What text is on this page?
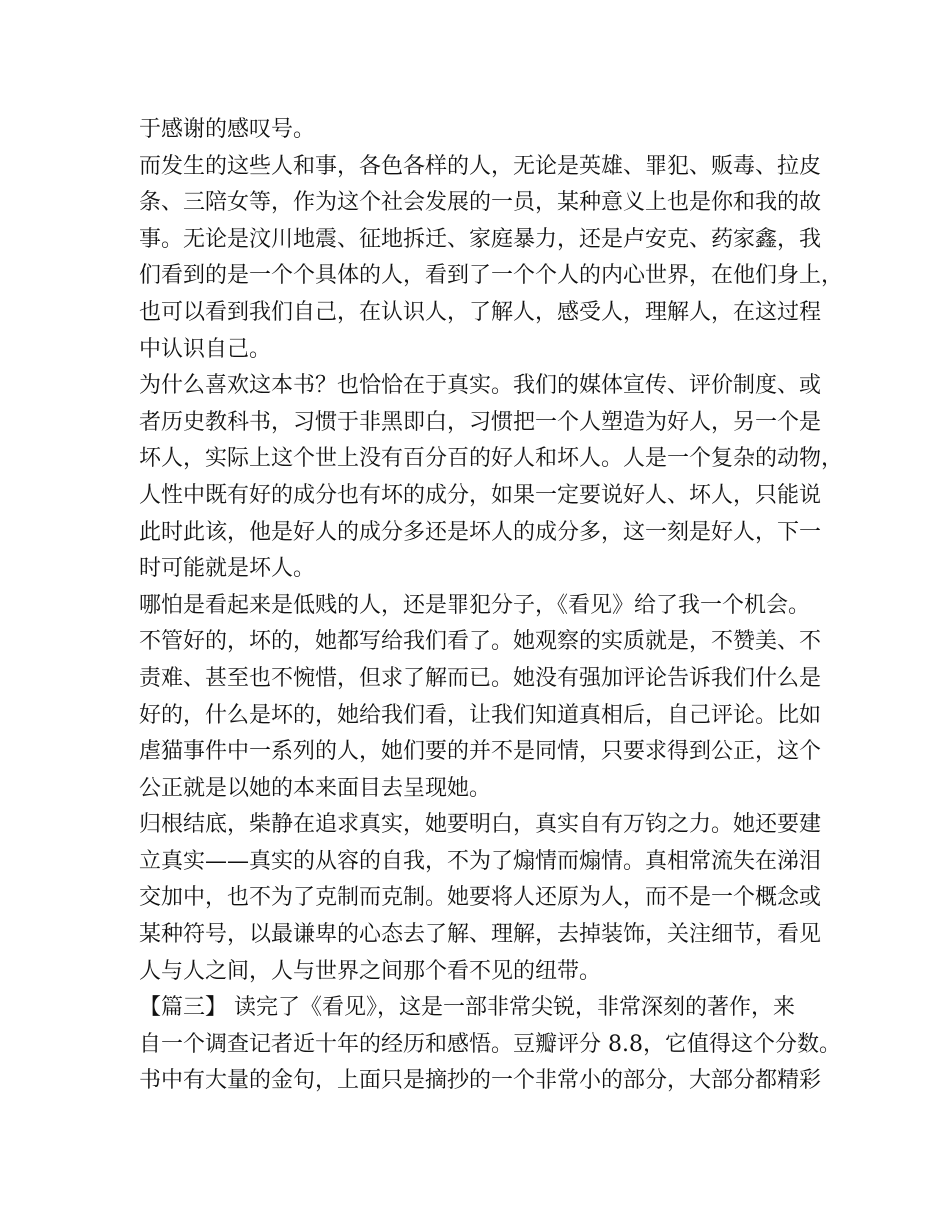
于感谢的感叹号。
而发生的这些人和事，各色各样的人，无论是英雄、罪犯、贩毒、拉皮
条、三陪女等，作为这个社会发展的一员，某种意义上也是你和我的故
事。无论是汶川地震、征地拆迁、家庭暴力，还是卢安克、药家鑫，我
们看到的是一个个具体的人，看到了一个个人的内心世界，在他们身上，
也可以看到我们自己，在认识人，了解人，感受人，理解人，在这过程
中认识自己。
为什么喜欢这本书？也恰恰在于真实。我们的媒体宣传、评价制度、或
者历史教科书，习惯于非黑即白，习惯把一个人塑造为好人，另一个是
坏人，实际上这个世上没有百分百的好人和坏人。人是一个复杂的动物，
人性中既有好的成分也有坏的成分，如果一定要说好人、坏人，只能说
此时此该，他是好人的成分多还是坏人的成分多，这一刻是好人，下一
时可能就是坏人。
哪怕是看起来是低贱的人，还是罪犯分子，《看见》给了我一个机会。
不管好的，坏的，她都写给我们看了。她观察的实质就是，不赞美、不
责难、甚至也不惋惜，但求了解而已。她没有强加评论告诉我们什么是
好的，什么是坏的，她给我们看，让我们知道真相后，自己评论。比如
虐猫事件中一系列的人，她们要的并不是同情，只要求得到公正，这个
公正就是以她的本来面目去呈现她。
归根结底，柴静在追求真实，她要明白，真实自有万钧之力。她还要建
立真实——真实的从容的自我，不为了煽情而煽情。真相常流失在涕泪
交加中，也不为了克制而克制。她要将人还原为人，而不是一个概念或
某种符号，以最谦卑的心态去了解、理解，去掉装饰，关注细节，看见
人与人之间，人与世界之间那个看不见的纽带。
【篇三】 读完了《看见》，这是一部非常尖锐，非常深刻的著作，来
自一个调查记者近十年的经历和感悟。豆瓣评分 8.8，它值得这个分数。
书中有大量的金句，上面只是摘抄的一个非常小的部分，大部分都精彩
